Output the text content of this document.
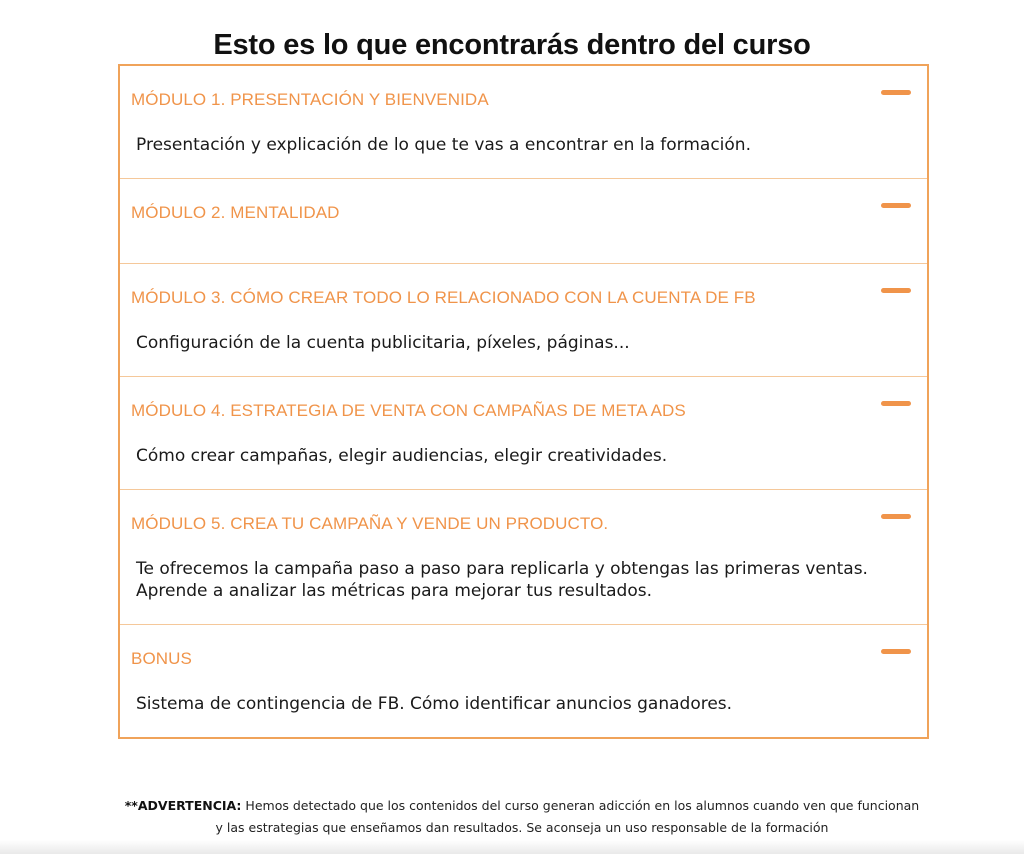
Esto es lo que encontrarás dentro del curso
MÓDULO 1. PRESENTACIÓN Y BIENVENIDA

Presentación y explicación de lo que te vas a encontrar en la formación.

MÓDULO 2. MENTALIDAD
MÓDULO 3. CÓMO CREAR TODO LO RELACIONADO CON LA CUENTA DE FB

Configuración de la cuenta publicitaria, píxeles, páginas...

MÓDULO 4. ESTRATEGIA DE VENTA CON CAMPAÑAS DE META ADS

Cómo crear campañas, elegir audiencias, elegir creatividades.

MÓDULO 5. CREA TU CAMPAÑA Y VENDE UN PRODUCTO.

Te ofrecemos la campaña paso a paso para replicarla y obtengas las primeras ventas.

Aprende a analizar las métricas para mejorar tus resultados.

BONUS

Sistema de contingencia de FB. Cómo identificar anuncios ganadores.

**ADVERTENCIA: Hemos detectado que los contenidos del curso generan adicción en los alumnos cuando ven que funcionan y las estrategias que enseñamos dan resultados. Se aconseja un uso responsable de la formación
